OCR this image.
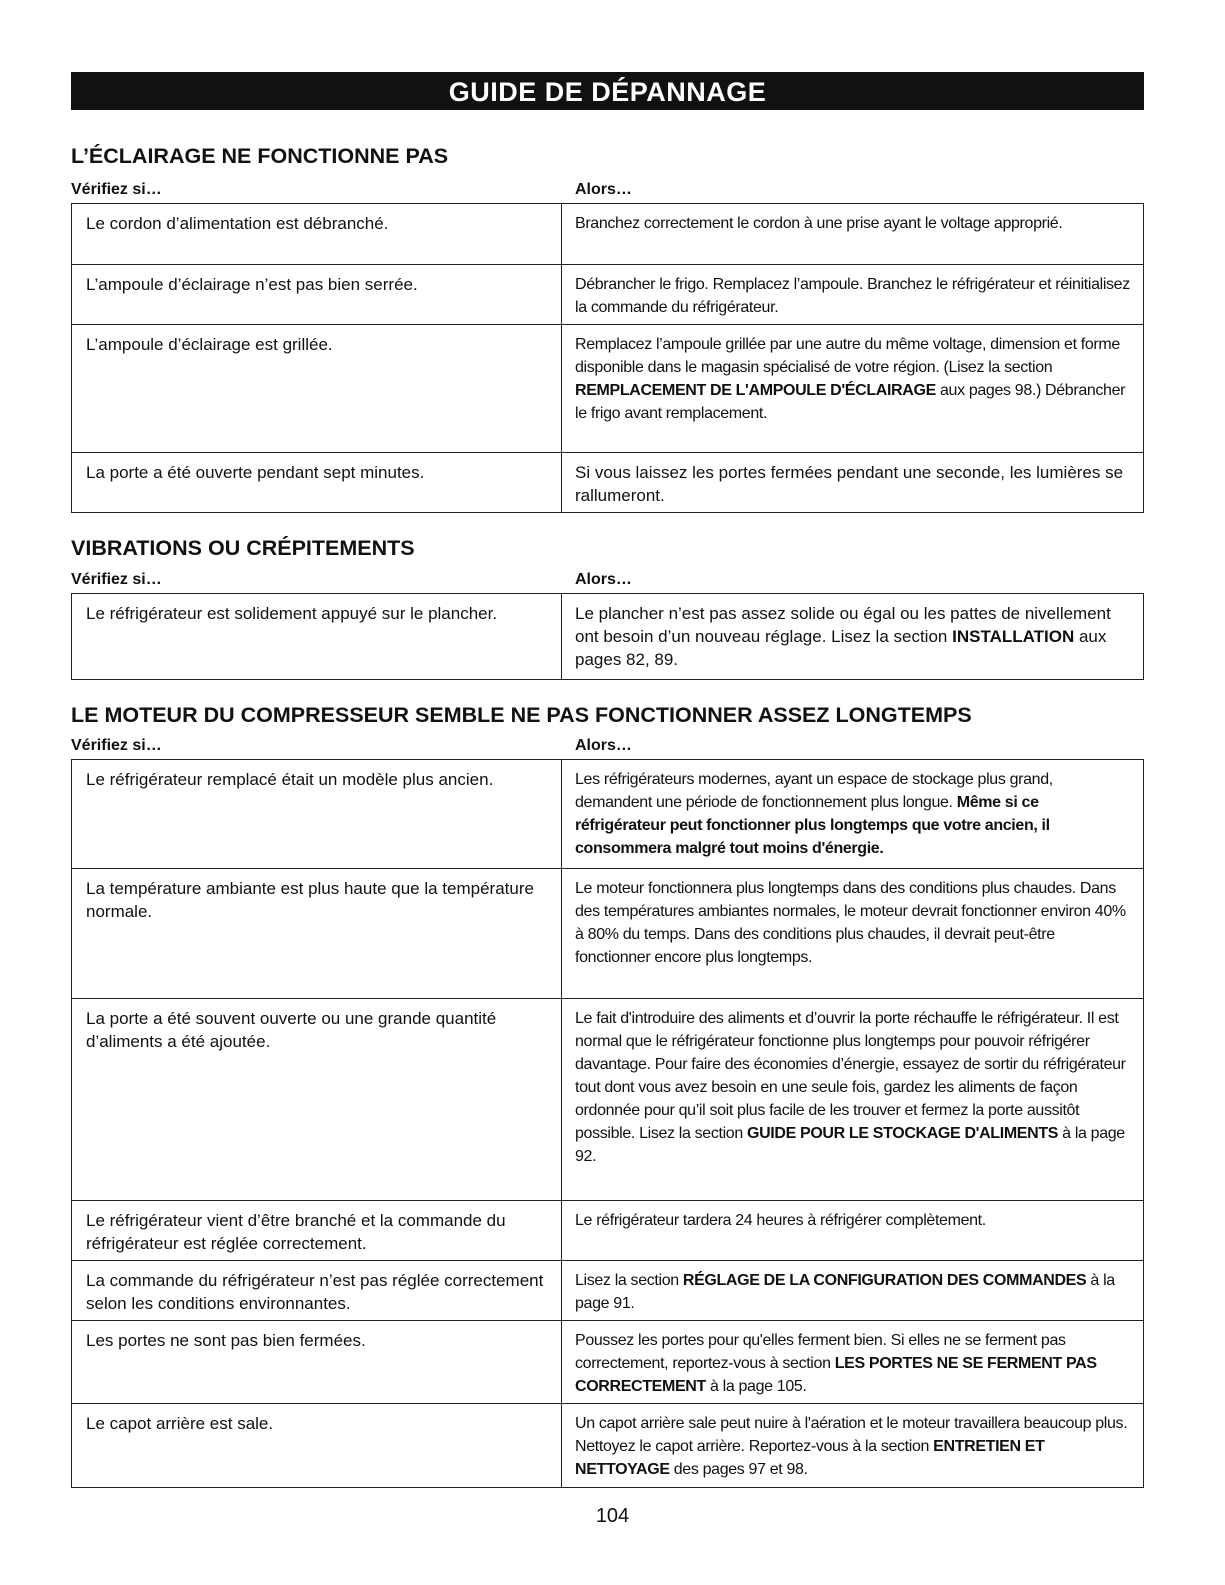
GUIDE DE DÉPANNAGE
L’ÉCLAIRAGE NE FONCTIONNE PAS
Vérifiez si…	Alors…
Le cordon d’alimentation est débranché.	Branchez correctement le cordon à une prise ayant le voltage approprié.
L’ampoule d’éclairage n’est pas bien serrée.	Débrancher le frigo. Remplacez l’ampoule. Branchez le réfrigérateur et réinitialisez la commande du réfrigérateur.
L’ampoule d’éclairage est grillée.	Remplacez l’ampoule grillée par une autre du même voltage, dimension et forme disponible dans le magasin spécialisé de votre région. (Lisez la section REMPLACEMENT DE L'AMPOULE D'ÉCLAIRAGE aux pages 98.) Débrancher le frigo avant remplacement.
La porte a été ouverte pendant sept minutes.	Si vous laissez les portes fermées pendant une seconde, les lumières se rallumeront.
VIBRATIONS OU CRÉPITEMENTS
Vérifiez si…	Alors…
Le réfrigérateur est solidement appuyé sur le plancher.	Le plancher n’est pas assez solide ou égal ou les pattes de nivellement ont besoin d’un nouveau réglage. Lisez la section INSTALLATION aux pages 82, 89.
LE MOTEUR DU COMPRESSEUR SEMBLE NE PAS FONCTIONNER ASSEZ LONGTEMPS
Vérifiez si…	Alors…
Le réfrigérateur remplacé était un modèle plus ancien.	Les réfrigérateurs modernes, ayant un espace de stockage plus grand, demandent une période de fonctionnement plus longue. Même si ce réfrigérateur peut fonctionner plus longtemps que votre ancien, il consommera malgré tout moins d'énergie.
La température ambiante est plus haute que la température normale.	Le moteur fonctionnera plus longtemps dans des conditions plus chaudes. Dans des températures ambiantes normales, le moteur devrait fonctionner environ 40% à 80% du temps. Dans des conditions plus chaudes, il devrait peut-être fonctionner encore plus longtemps.
La porte a été souvent ouverte ou une grande quantité d’aliments a été ajoutée.	Le fait d'introduire des aliments et d’ouvrir la porte réchauffe le réfrigérateur. Il est normal que le réfrigérateur fonctionne plus longtemps pour pouvoir réfrigérer davantage. Pour faire des économies d’énergie, essayez de sortir du réfrigérateur tout dont vous avez besoin en une seule fois, gardez les aliments de façon ordonnée pour qu’il soit plus facile de les trouver et fermez la porte aussitôt possible. Lisez la section GUIDE POUR LE STOCKAGE D'ALIMENTS à la page 92.
Le réfrigérateur vient d’être branché et la commande du réfrigérateur est réglée correctement.	Le réfrigérateur tardera 24 heures à réfrigérer complètement.
La commande du réfrigérateur n’est pas réglée correctement selon les conditions environnantes.	Lisez la section RÉGLAGE DE LA CONFIGURATION DES COMMANDES à la page 91.
Les portes ne sont pas bien fermées.	Poussez les portes pour qu'elles ferment bien. Si elles ne se ferment pas correctement, reportez-vous à section LES PORTES NE SE FERMENT PAS CORRECTEMENT à la page 105.
Le capot arrière est sale.	Un capot arrière sale peut nuire à l'aération et le moteur travaillera beaucoup plus. Nettoyez le capot arrière. Reportez-vous à la section ENTRETIEN ET NETTOYAGE des pages 97 et 98.
104
